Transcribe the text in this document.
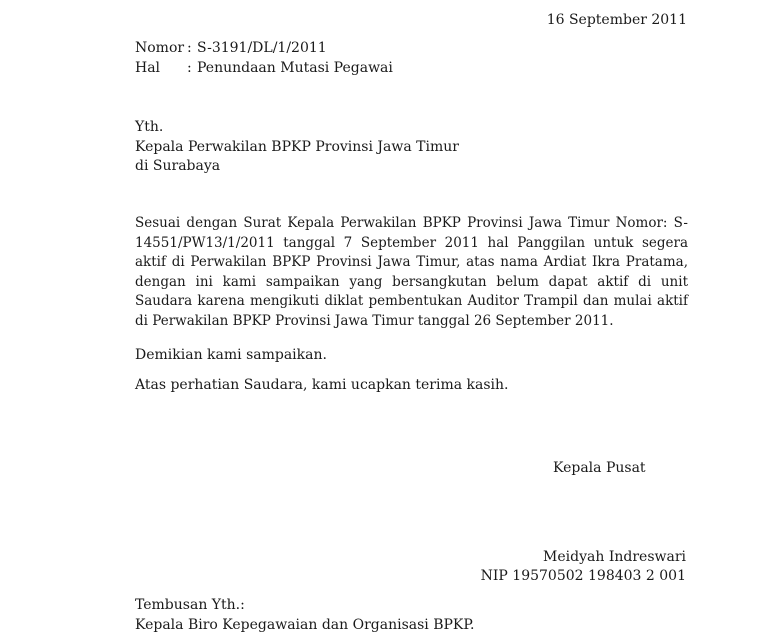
16 September 2011
Nomor : S-3191/DL/1/2011
Hal	: Penundaan Mutasi Pegawai
Yth.
Kepala Perwakilan BPKP Provinsi Jawa Timur
di Surabaya
Sesuai dengan Surat Kepala Perwakilan BPKP Provinsi Jawa Timur Nomor: S-14551/PW13/1/2011 tanggal 7 September 2011 hal Panggilan untuk segera aktif di Perwakilan BPKP Provinsi Jawa Timur, atas nama Ardiat Ikra Pratama, dengan ini kami sampaikan yang bersangkutan belum dapat aktif di unit Saudara karena mengikuti diklat pembentukan Auditor Trampil dan mulai aktif di Perwakilan BPKP Provinsi Jawa Timur tanggal 26 September 2011.
Demikian kami sampaikan.
Atas perhatian Saudara, kami ucapkan terima kasih.
Kepala Pusat
Meidyah Indreswari
NIP 19570502 198403 2 001
Tembusan Yth.:
Kepala Biro Kepegawaian dan Organisasi BPKP.
